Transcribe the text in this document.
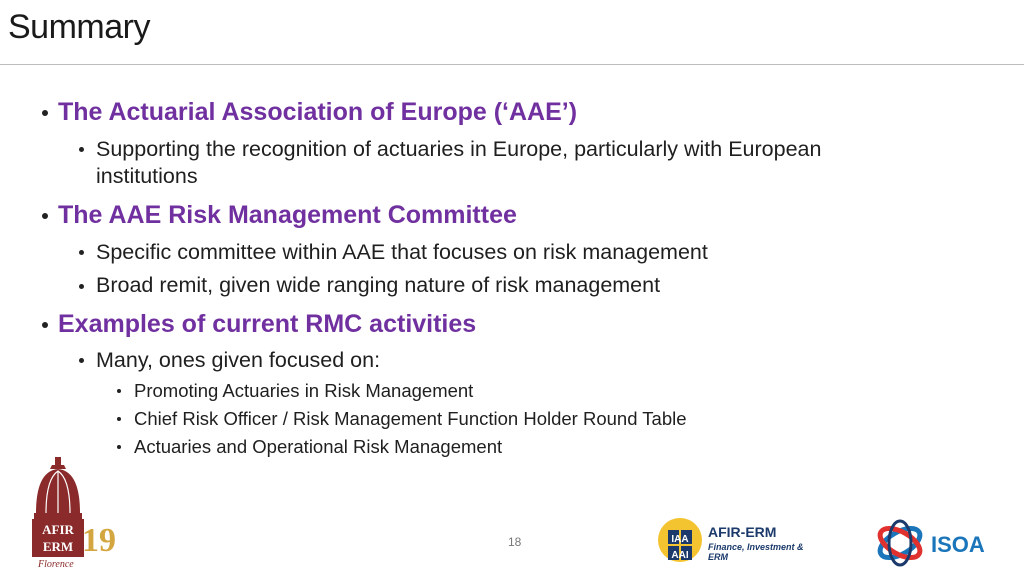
Summary
The Actuarial Association of Europe (‘AAE’)
Supporting the recognition of actuaries in Europe, particularly with European institutions
The AAE Risk Management Committee
Specific committee within AAE that focuses on risk management
Broad remit, given wide ranging nature of risk management
Examples of current RMC activities
Many, ones given focused on:
Promoting Actuaries in Risk Management
Chief Risk Officer / Risk Management Function Holder Round Table
Actuaries and Operational Risk Management
18
AFIR
ERM 19
Florence
IAA
AAI
AFIR-ERM
Finance, Investment & ERM	ISOA
